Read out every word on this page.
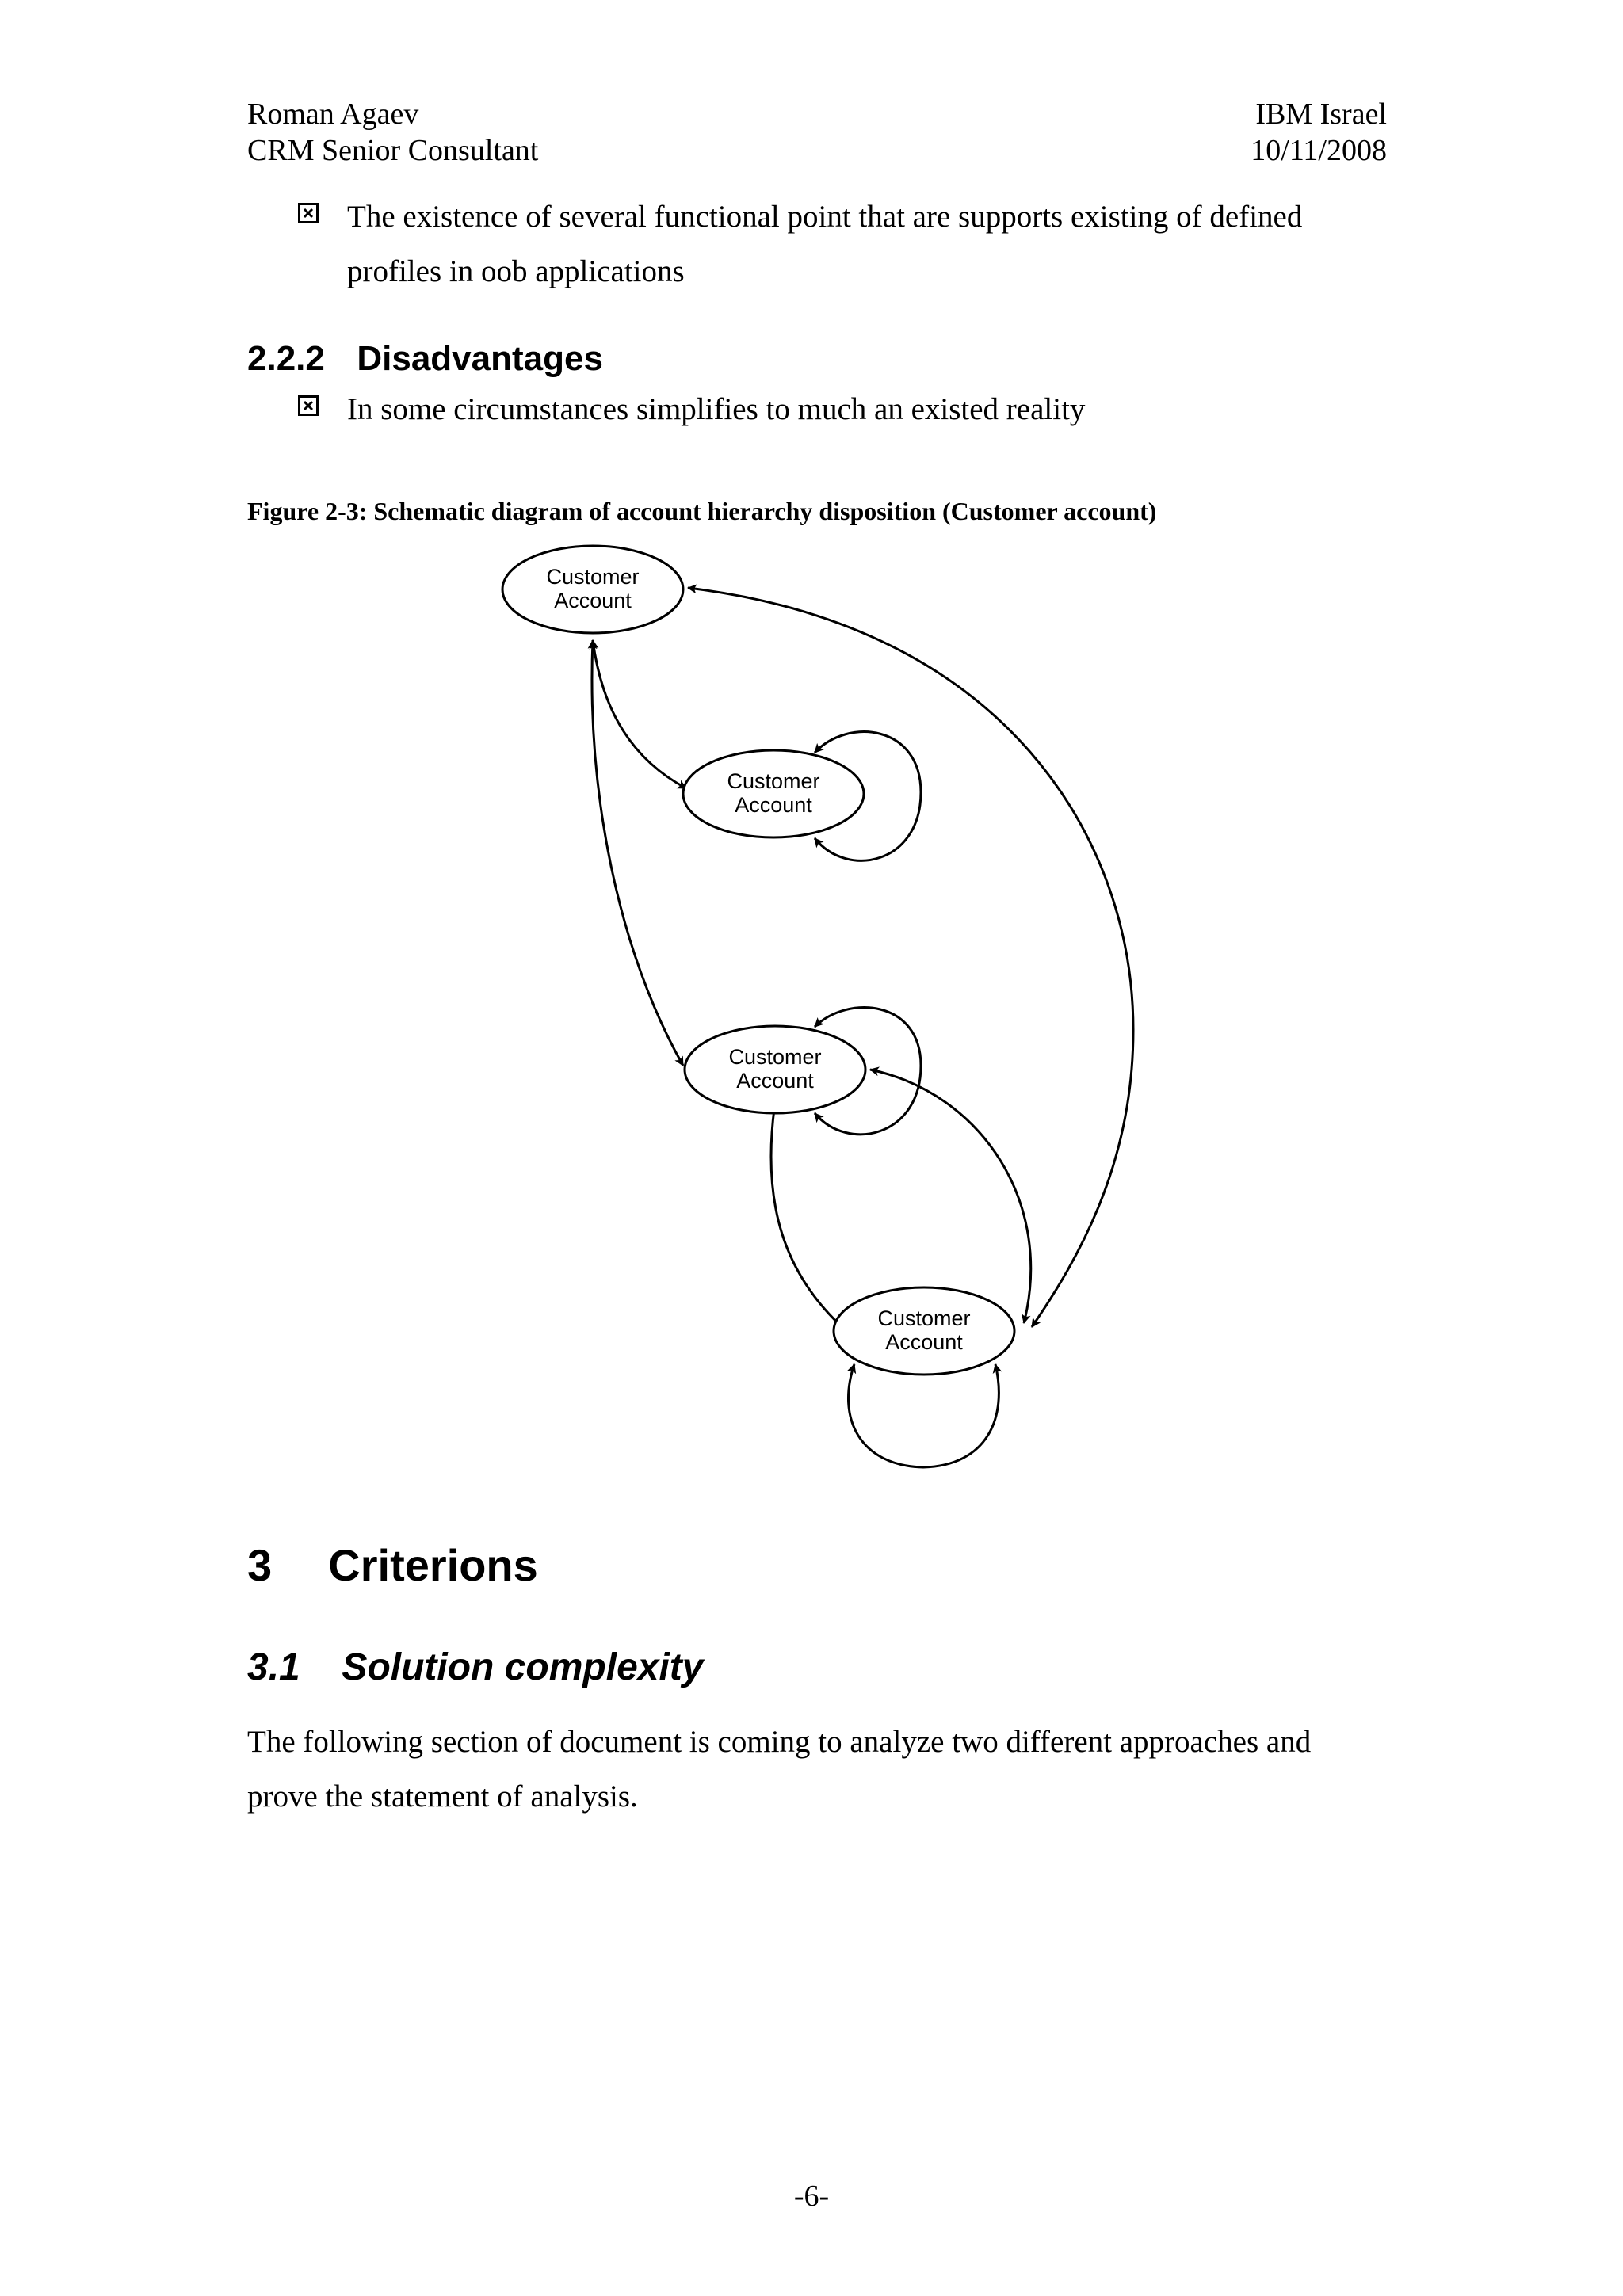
Roman Agaev
CRM Senior Consultant
IBM Israel
10/11/2008
The existence of several functional point that are supports existing of defined
profiles in oob applications
2.2.2 Disadvantages
In some circumstances simplifies to much an existed reality
Figure 2-3: Schematic diagram of account hierarchy disposition (Customer account)
Customer
Account
Customer
Account
Customer
Account
Customer
Account
3 Criterions
3.1 Solution complexity
The following section of document is coming to analyze two different approaches and
prove the statement of analysis.
-6-
